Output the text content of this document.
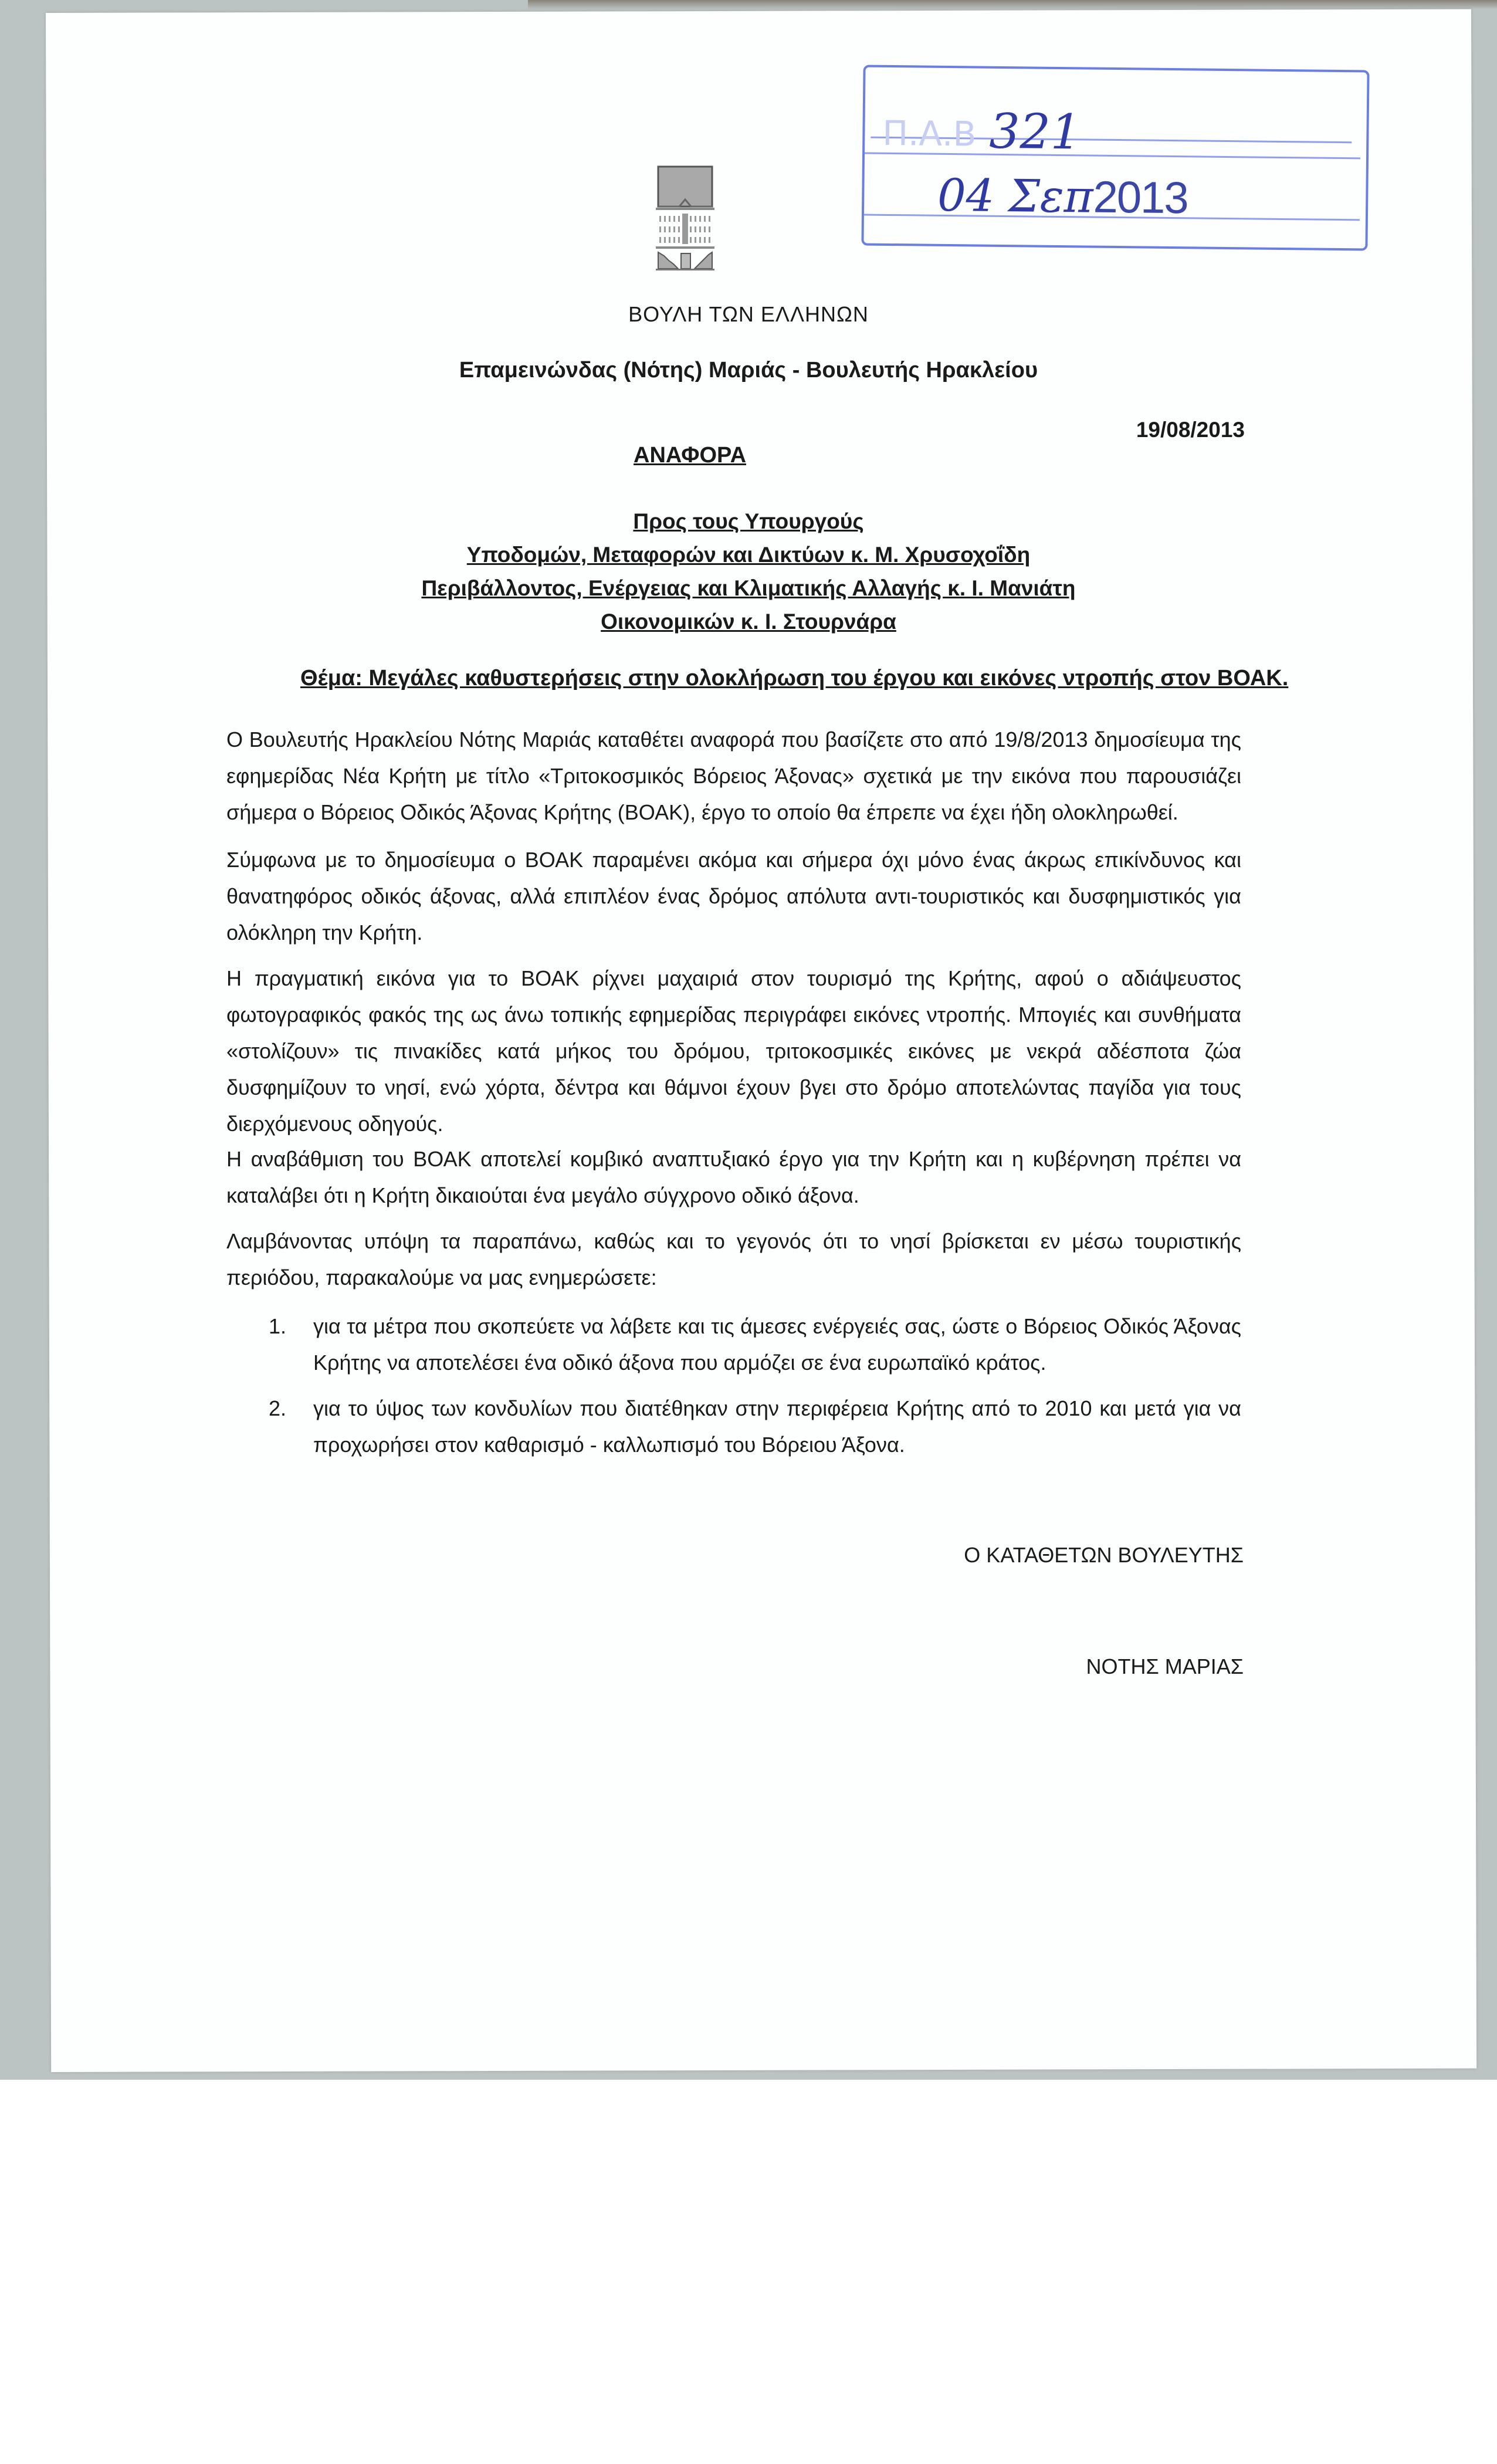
Π.Α.Β 321
04 Σεπ2013
ΒΟΥΛΗ ΤΩΝ ΕΛΛΗΝΩΝ
Επαμεινώνδας (Νότης) Μαριάς - Βουλευτής Ηρακλείου
19/08/2013
ΑΝΑΦΟΡΑ
Προς τους Υπουργούς
Υποδομών, Μεταφορών και Δικτύων κ. Μ. Χρυσοχοΐδη
Περιβάλλοντος, Ενέργειας και Κλιματικής Αλλαγής κ. Ι. Μανιάτη
Οικονομικών κ. Ι. Στουρνάρα
Θέμα: Μεγάλες καθυστερήσεις στην ολοκλήρωση του έργου και εικόνες ντροπής στον ΒΟΑΚ.
Ο Βουλευτής Ηρακλείου Νότης Μαριάς καταθέτει αναφορά που βασίζετε στο από 19/8/2013 δημοσίευμα της εφημερίδας Νέα Κρήτη με τίτλο «Τριτοκοσμικός Βόρειος Άξονας» σχετικά με την εικόνα που παρουσιάζει σήμερα ο Βόρειος Οδικός Άξονας Κρήτης (ΒΟΑΚ), έργο το οποίο θα έπρεπε να έχει ήδη ολοκληρωθεί.
Σύμφωνα με το δημοσίευμα ο ΒΟΑΚ παραμένει ακόμα και σήμερα όχι μόνο ένας άκρως επικίνδυνος και θανατηφόρος οδικός άξονας, αλλά επιπλέον ένας δρόμος απόλυτα αντι-τουριστικός και δυσφημιστικός για ολόκληρη την Κρήτη.
Η πραγματική εικόνα για το ΒΟΑΚ ρίχνει μαχαιριά στον τουρισμό της Κρήτης, αφού ο αδιάψευστος φωτογραφικός φακός της ως άνω τοπικής εφημερίδας περιγράφει εικόνες ντροπής. Μπογιές και συνθήματα «στολίζουν» τις πινακίδες κατά μήκος του δρόμου, τριτοκοσμικές εικόνες με νεκρά αδέσποτα ζώα δυσφημίζουν το νησί, ενώ χόρτα, δέντρα και θάμνοι έχουν βγει στο δρόμο αποτελώντας παγίδα για τους διερχόμενους οδηγούς.
Η αναβάθμιση του ΒΟΑΚ αποτελεί κομβικό αναπτυξιακό έργο για την Κρήτη και η κυβέρνηση πρέπει να καταλάβει ότι η Κρήτη δικαιούται ένα μεγάλο σύγχρονο οδικό άξονα.
Λαμβάνοντας υπόψη τα παραπάνω, καθώς και το γεγονός ότι το νησί βρίσκεται εν μέσω τουριστικής περιόδου, παρακαλούμε να μας ενημερώσετε:
1. για τα μέτρα που σκοπεύετε να λάβετε και τις άμεσες ενέργειές σας, ώστε ο Βόρειος Οδικός Άξονας Κρήτης να αποτελέσει ένα οδικό άξονα που αρμόζει σε ένα ευρωπαϊκό κράτος.
2. για το ύψος των κονδυλίων που διατέθηκαν στην περιφέρεια Κρήτης από το 2010 και μετά για να προχωρήσει στον καθαρισμό - καλλωπισμό του Βόρειου Άξονα.
Ο ΚΑΤΑΘΕΤΩΝ ΒΟΥΛΕΥΤΗΣ
ΝΟΤΗΣ ΜΑΡΙΑΣ
